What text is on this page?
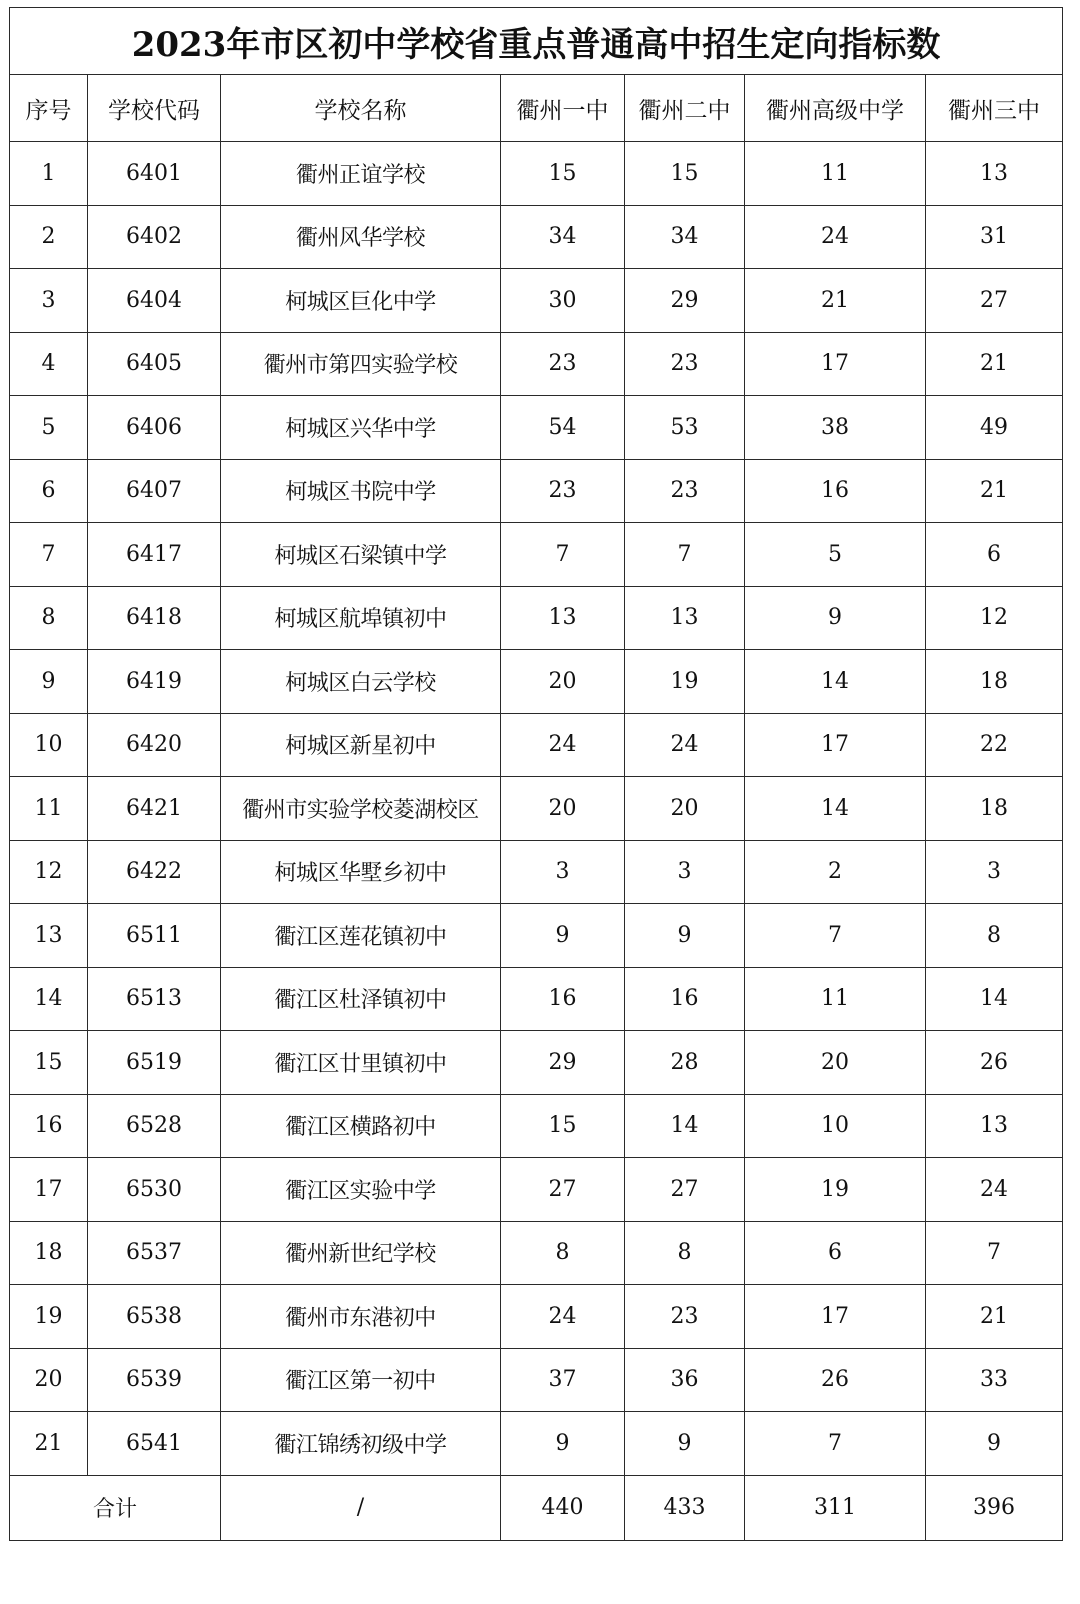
2023年市区初中学校省重点普通高中招生定向指标数						
序号	学校代码	学校名称	衢州一中	衢州二中	衢州高级中学	衢州三中
1	6401	衢州正谊学校	15	15	11	13
2	6402	衢州风华学校	34	34	24	31
3	6404	柯城区巨化中学	30	29	21	27
4	6405	衢州市第四实验学校	23	23	17	21
5	6406	柯城区兴华中学	54	53	38	49
6	6407	柯城区书院中学	23	23	16	21
7	6417	柯城区石梁镇中学	7	7	5	6
8	6418	柯城区航埠镇初中	13	13	9	12
9	6419	柯城区白云学校	20	19	14	18
10	6420	柯城区新星初中	24	24	17	22
11	6421	衢州市实验学校菱湖校区	20	20	14	18
12	6422	柯城区华墅乡初中	3	3	2	3
13	6511	衢江区莲花镇初中	9	9	7	8
14	6513	衢江区杜泽镇初中	16	16	11	14
15	6519	衢江区廿里镇初中	29	28	20	26
16	6528	衢江区横路初中	15	14	10	13
17	6530	衢江区实验中学	27	27	19	24
18	6537	衢州新世纪学校	8	8	6	7
19	6538	衢州市东港初中	24	23	17	21
20	6539	衢江区第一初中	37	36	26	33
21	6541	衢江锦绣初级中学	9	9	7	9
合计		/	440	433	311	396
